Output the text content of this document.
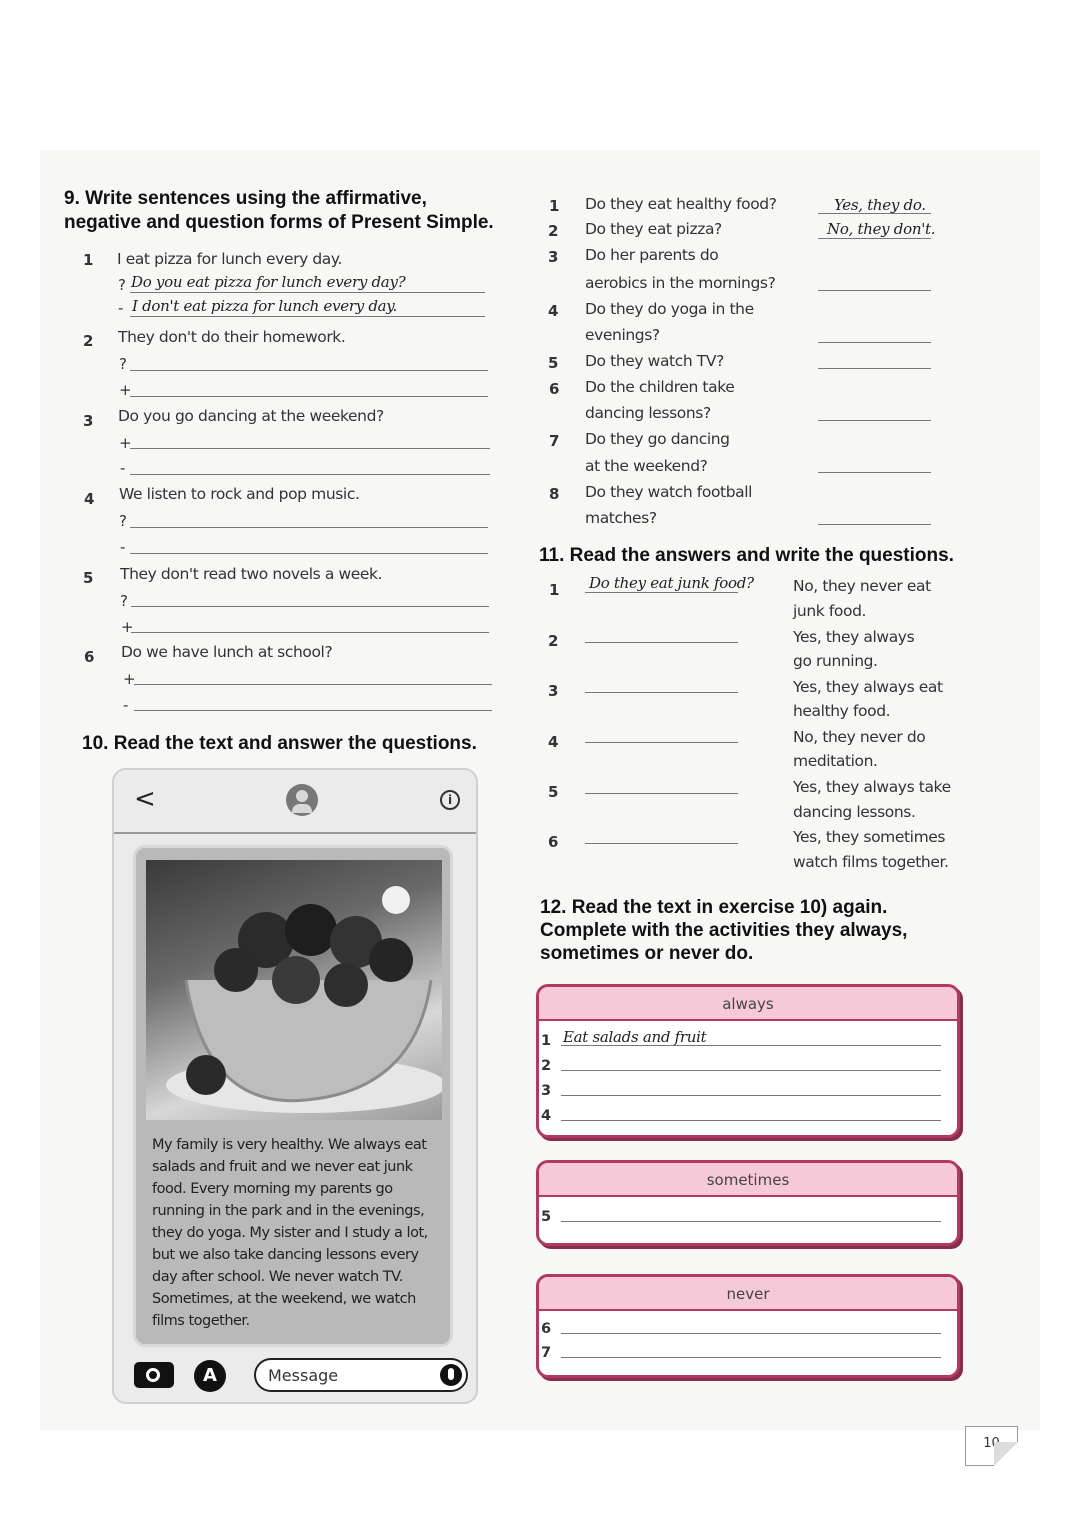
9. Write sentences using the affirmative,
negative and question forms of Present Simple.
1 I eat pizza for lunch every day.
? Do you eat pizza for lunch every day?
- I don't eat pizza for lunch every day.
2 They don't do their homework.
?
+
3 Do you go dancing at the weekend?
+
-
4 We listen to rock and pop music.
?
-
5 They don't read two novels a week.
?
+
6 Do we have lunch at school?
+
-
10. Read the text and answer the questions.
<	i
My family is very healthy. We always eat
salads and fruit and we never eat junk
food. Every morning my parents go
running in the park and in the evenings,
they do yoga. My sister and I study a lot,
but we also take dancing lessons every
day after school. We never watch TV.
Sometimes, at the weekend, we watch
films together.
A	Message
1 Do they eat healthy food?	Yes, they do.
2 Do they eat pizza?	No, they don't.
3 Do her parents do
aerobics in the mornings?
4 Do they do yoga in the
evenings?
5 Do they watch TV?
6 Do the children take
dancing lessons?
7 Do they go dancing
at the weekend?
8 Do they watch football
matches?
11. Read the answers and write the questions.
1 Do they eat junk food?	No, they never eat
junk food.
2	Yes, they always
go running.
3	Yes, they always eat
healthy food.
4	No, they never do
meditation.
5	Yes, they always take
dancing lessons.
6	Yes, they sometimes
watch films together.
12. Read the text in exercise 10) again.
Complete with the activities they always,
sometimes or never do.
always
1 Eat salads and fruit
2
3
4
sometimes
5
never
6
7
10
